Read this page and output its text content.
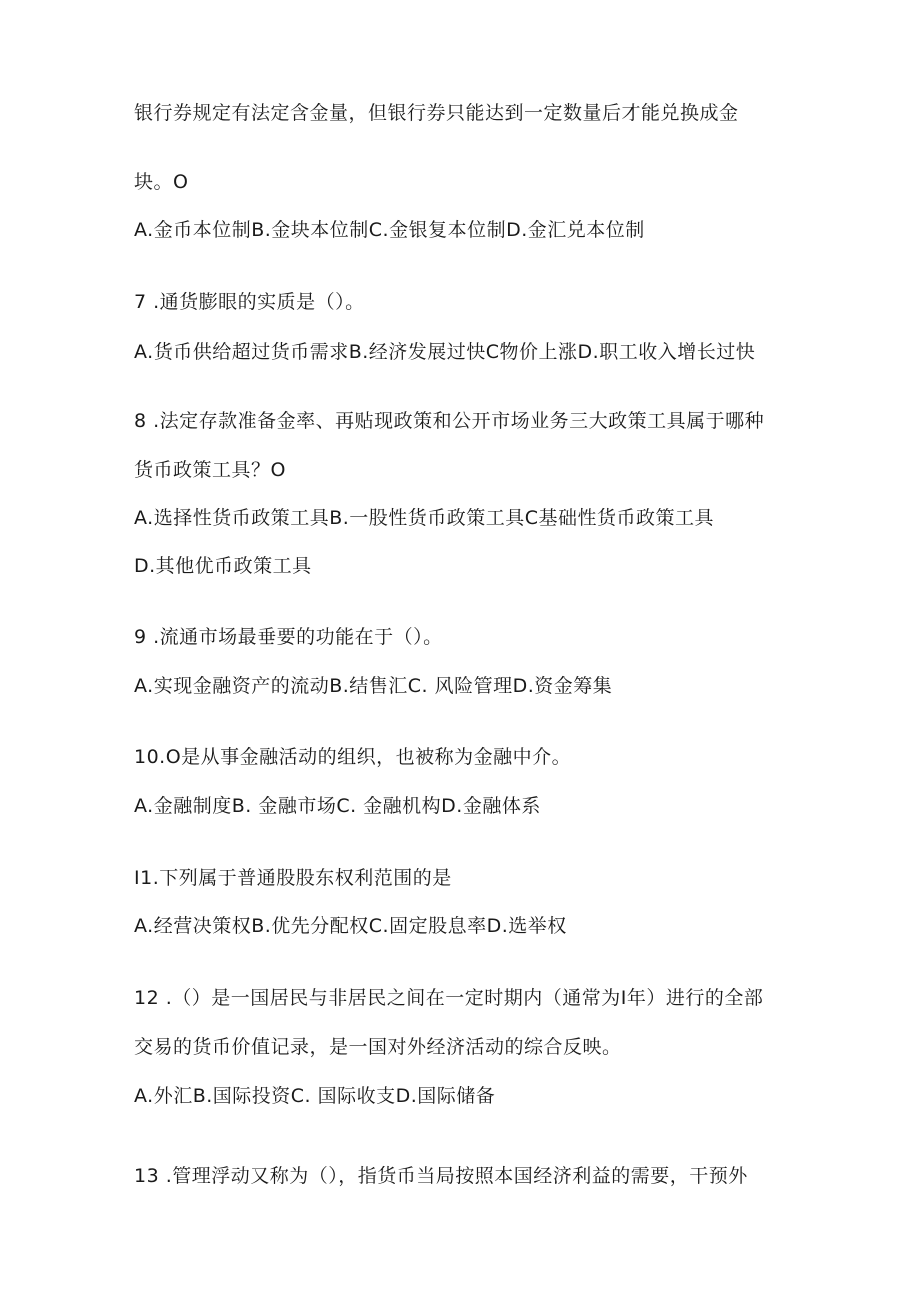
银行券规定有法定含金量，但银行券只能达到一定数量后才能兑换成金
块。O
A.金币本位制B.金块本位制C.金银复本位制D.金汇兑本位制
7 .通货膨眼的实质是（）。
A.货币供给超过货币需求B.经济发展过快C物价上涨D.职工收入增长过快
8 .法定存款准备金率、再贴现政策和公开市场业务三大政策工具属于哪种
货币政策工具？O
A.选择性货币政策工具B.一股性货币政策工具C基础性货币政策工具
D.其他优币政策工具
9 .流通市场最垂要的功能在于（）。
A.实现金融资产的流动B.结售汇C. 风险管理D.资金筹集
10.O是从事金融活动的组织，也被称为金融中介。
A.金融制度B. 金融市场C. 金融机构D.金融体系
I1.下列属于普通股股东权利范围的是
A.经营决策权B.优先分配权C.固定股息率D.选举权
12 .（）是一国居民与非居民之间在一定时期内（通常为I年）进行的全部
交易的货币价值记录，是一国对外经济活动的综合反映。
A.外汇B.国际投资C. 国际收支D.国际储备
13 .管理浮动又称为（），指货币当局按照本国经济利益的需要，干预外
